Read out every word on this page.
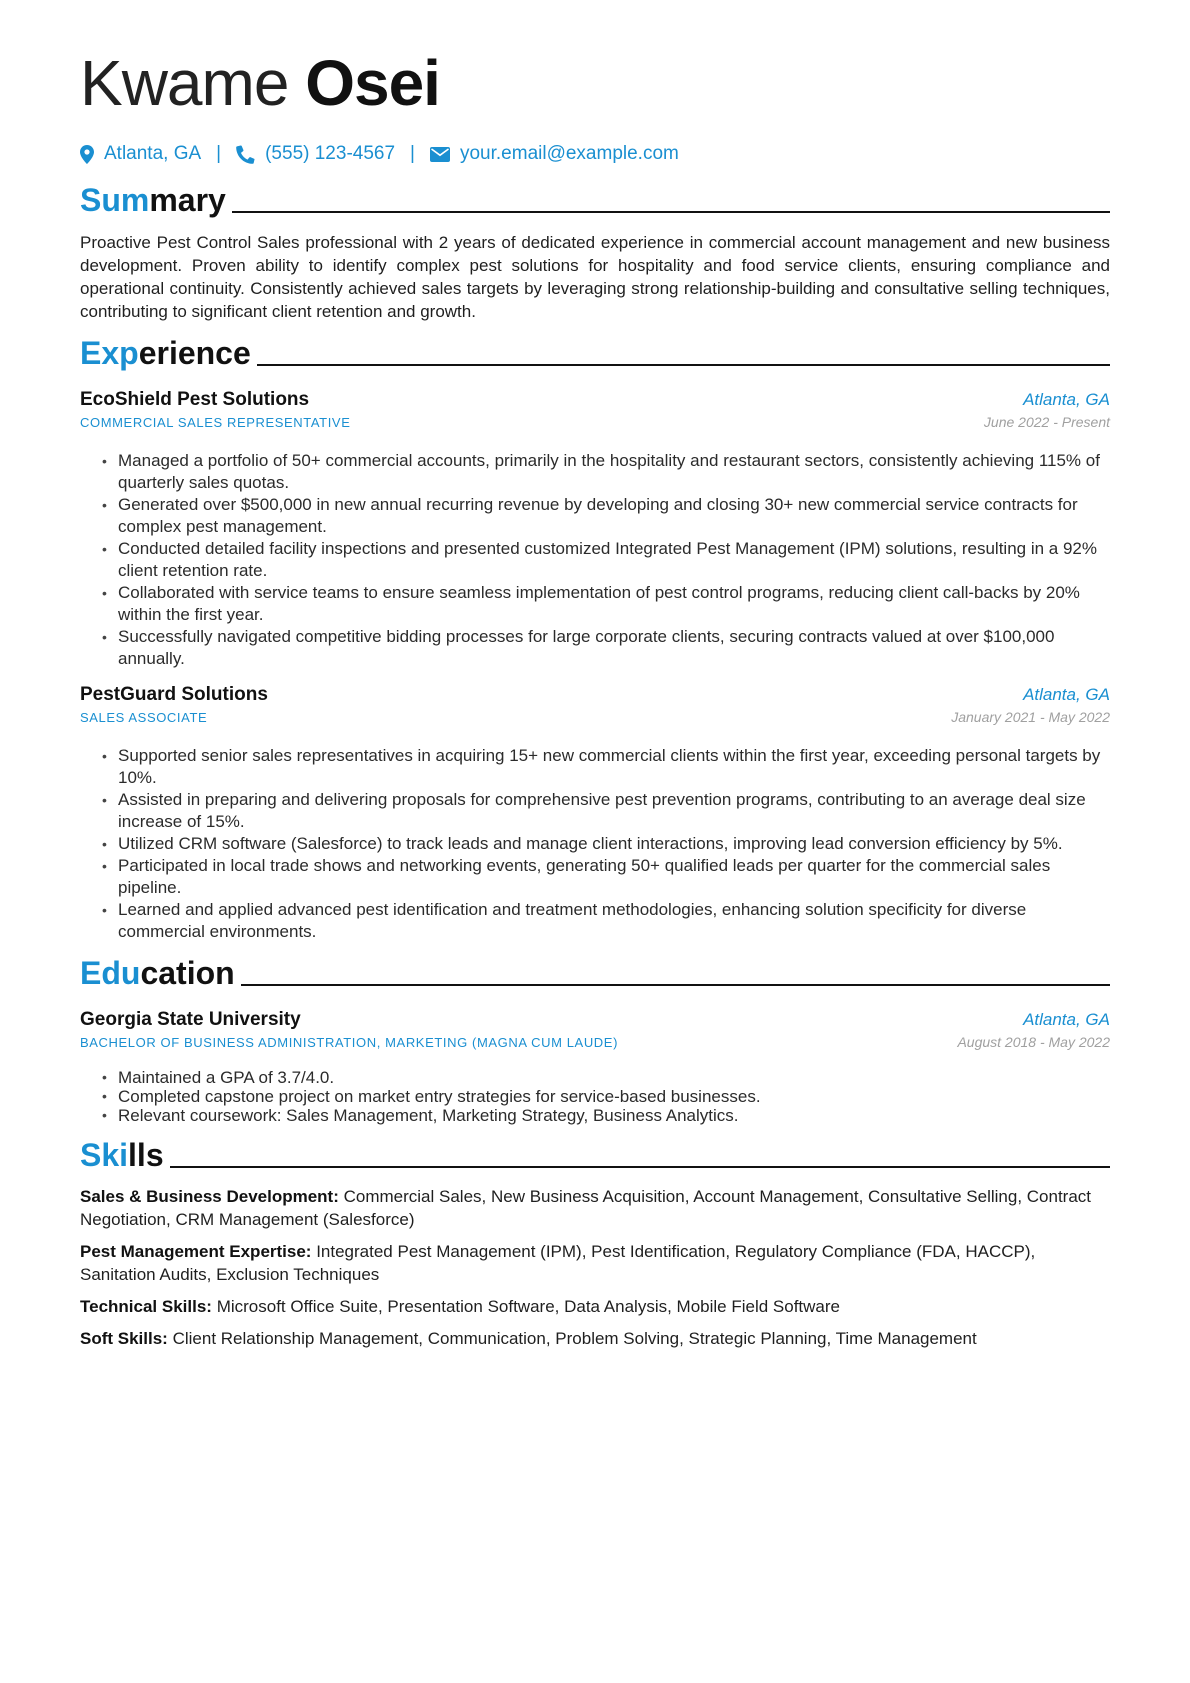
Kwame Osei
Atlanta, GA | (555) 123-4567 | your.email@example.com
Summary

Proactive Pest Control Sales professional with 2 years of dedicated experience in commercial account management and new business development. Proven ability to identify complex pest solutions for hospitality and food service clients, ensuring compliance and operational continuity. Consistently achieved sales targets by leveraging strong relationship-building and consultative selling techniques, contributing to significant client retention and growth.

Experience
EcoShield Pest Solutions	Atlanta, GA
COMMERCIAL SALES REPRESENTATIVE	June 2022 - Present
• Managed a portfolio of 50+ commercial accounts, primarily in the hospitality and restaurant sectors, consistently achieving 115% of quarterly sales quotas.
• Generated over $500,000 in new annual recurring revenue by developing and closing 30+ new commercial service contracts for complex pest management.
• Conducted detailed facility inspections and presented customized Integrated Pest Management (IPM) solutions, resulting in a 92% client retention rate.
• Collaborated with service teams to ensure seamless implementation of pest control programs, reducing client call-backs by 20% within the first year.
• Successfully navigated competitive bidding processes for large corporate clients, securing contracts valued at over $100,000 annually.
PestGuard Solutions	Atlanta, GA
SALES ASSOCIATE	January 2021 - May 2022
• Supported senior sales representatives in acquiring 15+ new commercial clients within the first year, exceeding personal targets by 10%.
• Assisted in preparing and delivering proposals for comprehensive pest prevention programs, contributing to an average deal size increase of 15%.
• Utilized CRM software (Salesforce) to track leads and manage client interactions, improving lead conversion efficiency by 5%.
• Participated in local trade shows and networking events, generating 50+ qualified leads per quarter for the commercial sales pipeline.
• Learned and applied advanced pest identification and treatment methodologies, enhancing solution specificity for diverse commercial environments.
Education
Georgia State University	Atlanta, GA
BACHELOR OF BUSINESS ADMINISTRATION, MARKETING (MAGNA CUM LAUDE)	August 2018 - May 2022
• Maintained a GPA of 3.7/4.0.
• Completed capstone project on market entry strategies for service-based businesses.
• Relevant coursework: Sales Management, Marketing Strategy, Business Analytics.
Skills
Sales & Business Development: Commercial Sales, New Business Acquisition, Account Management, Consultative Selling, Contract Negotiation, CRM Management (Salesforce)
Pest Management Expertise: Integrated Pest Management (IPM), Pest Identification, Regulatory Compliance (FDA, HACCP), Sanitation Audits, Exclusion Techniques
Technical Skills: Microsoft Office Suite, Presentation Software, Data Analysis, Mobile Field Software
Soft Skills: Client Relationship Management, Communication, Problem Solving, Strategic Planning, Time Management
